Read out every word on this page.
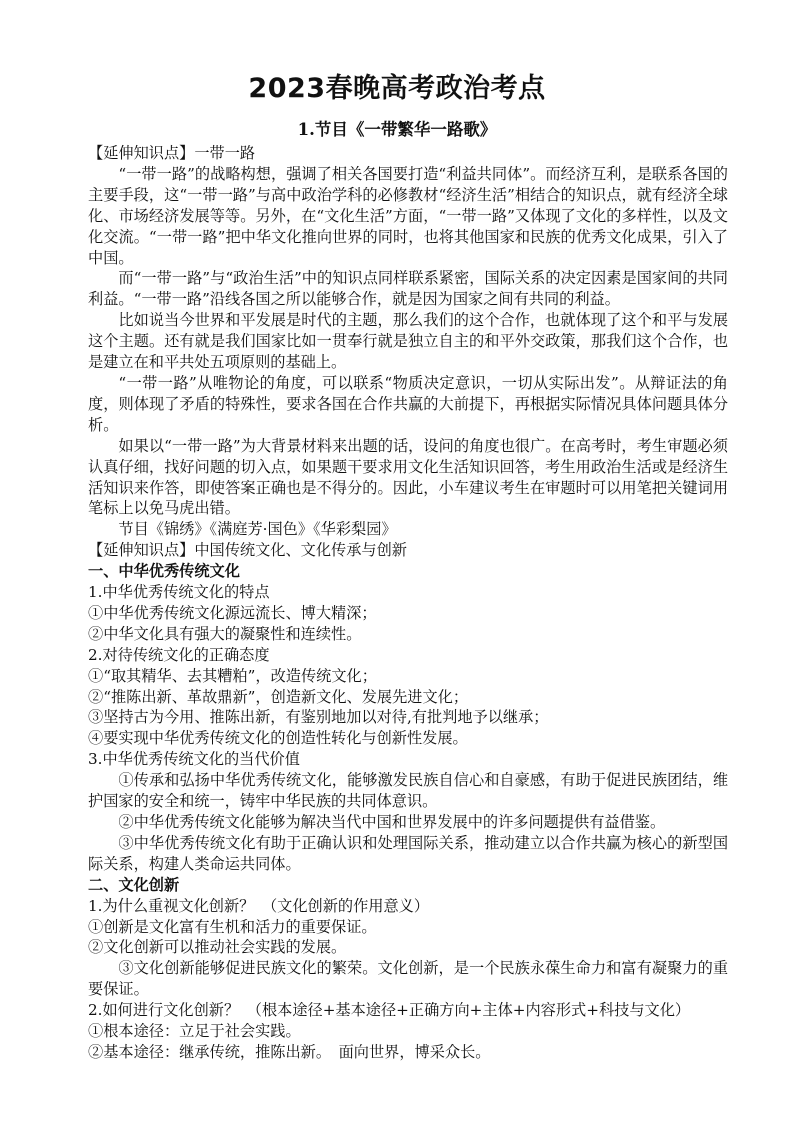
2023春晚高考政治考点
1.节目《一带繁华一路歌》

【延伸知识点】一带一路

“一带一路”的战略构想，强调了相关各国要打造“利益共同体”。而经济互利，是联系各国的主要手段，这“一带一路”与高中政治学科的必修教材“经济生活”相结合的知识点，就有经济全球化、市场经济发展等等。另外，在“文化生活”方面，“一带一路”又体现了文化的多样性，以及文化交流。“一带一路”把中华文化推向世界的同时，也将其他国家和民族的优秀文化成果，引入了中国。

而“一带一路”与“政治生活”中的知识点同样联系紧密，国际关系的决定因素是国家间的共同利益。“一带一路”沿线各国之所以能够合作，就是因为国家之间有共同的利益。

比如说当今世界和平发展是时代的主题，那么我们的这个合作，也就体现了这个和平与发展这个主题。还有就是我们国家比如一贯奉行就是独立自主的和平外交政策，那我们这个合作，也是建立在和平共处五项原则的基础上。

“一带一路”从唯物论的角度，可以联系“物质决定意识，一切从实际出发”。从辩证法的角度，则体现了矛盾的特殊性，要求各国在合作共赢的大前提下，再根据实际情况具体问题具体分析。

如果以“一带一路”为大背景材料来出题的话，设问的角度也很广。在高考时，考生审题必须认真仔细，找好问题的切入点，如果题干要求用文化生活知识回答，考生用政治生活或是经济生活知识来作答，即使答案正确也是不得分的。因此，小车建议考生在审题时可以用笔把关键词用笔标上以免马虎出错。

节目《锦绣》《满庭芳·国色》《华彩梨园》

【延伸知识点】中国传统文化、文化传承与创新

一、中华优秀传统文化

1.中华优秀传统文化的特点

①中华优秀传统文化源远流长、博大精深；

②中华文化具有强大的凝聚性和连续性。

2.对待传统文化的正确态度

①“取其精华、去其糟粕”，改造传统文化；

②“推陈出新、革故鼎新”，创造新文化、发展先进文化；

③坚持古为今用、推陈出新，有鉴别地加以对待,有批判地予以继承；

④要实现中华优秀传统文化的创造性转化与创新性发展。

3.中华优秀传统文化的当代价值

①传承和弘扬中华优秀传统文化，能够激发民族自信心和自豪感，有助于促进民族团结，维护国家的安全和统一，铸牢中华民族的共同体意识。

②中华优秀传统文化能够为解决当代中国和世界发展中的许多问题提供有益借鉴。

③中华优秀传统文化有助于正确认识和处理国际关系，推动建立以合作共赢为核心的新型国际关系，构建人类命运共同体。

二、文化创新

1.为什么重视文化创新？　（文化创新的作用意义）

①创新是文化富有生机和活力的重要保证。

②文化创新可以推动社会实践的发展。

③文化创新能够促进民族文化的繁荣。文化创新，是一个民族永葆生命力和富有凝聚力的重要保证。

2.如何进行文化创新？　（根本途径+基本途径+正确方向+主体+内容形式+科技与文化）

①根本途径：立足于社会实践。

②基本途径：继承传统，推陈出新。　面向世界，博采众长。
